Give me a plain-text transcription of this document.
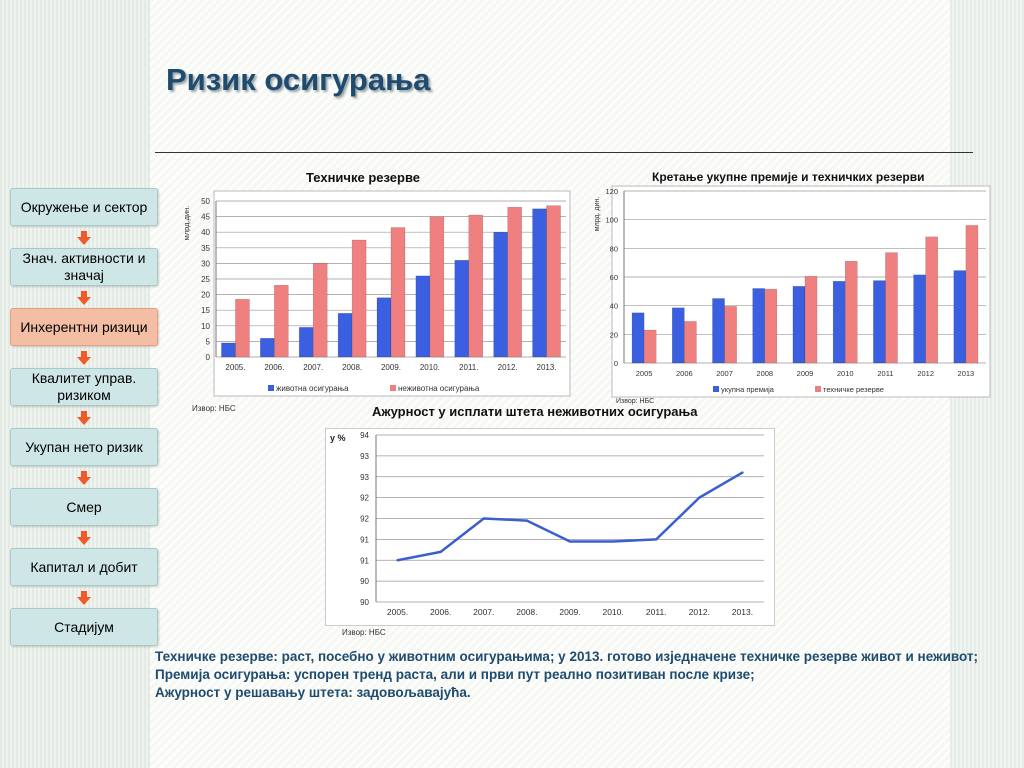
Ризик осигурања
Окружење и сектор
Знач. активности и значај
Инхерентни ризици
Квалитет управ. ризиком
Укупан нето ризик
Смер
Капитал и добит
Стадијум
Техничке резерве
0
5
10
15
20
25
30
35
40
45
50
2005. 2006. 2007. 2008. 2009. 2010. 2011. 2012. 2013.
млрд.дин.
животна осигурања	неживотна осигурања
Извор: НБС
Кретање укупне премије и техничких резерви
0
20
40
60
80
100
120
2005	2006	2007	2008	2009	2010	2011	2012	2013
млрд. дин.
укупна премија	техничке резерве
Извор: НБС
Ажурност у исплати штета неживотних осигурања
90
90
91
91
92
92
93
93
94
у %
2005.	2006.	2007.	2008.	2009.	2010.	2011.	2012.	2013.
Извор: НБС

Техничке резерве: раст, посебно у животним осигурањима; у 2013. готово изједначене техничке резерве живот и неживот;

Премија осигурања: успорен тренд раста, али и први пут реално позитиван после кризе;

Ажурност у решавању штета: задовољавајућа.
